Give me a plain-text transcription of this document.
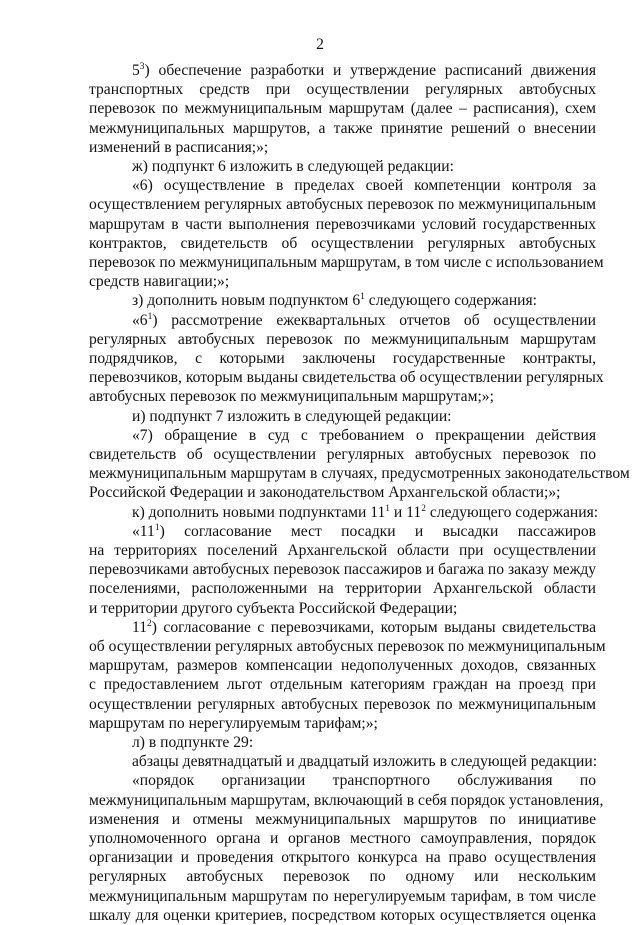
2
$5^3$) обеспечение разработки и утверждение расписаний движения
транспортных средств при осуществлении регулярных автобусных
перевозок по межмуниципальным маршрутам (далее – расписания), схем
межмуниципальных маршрутов, а также принятие решений о внесении
изменений в расписания;»;
ж) подпункт 6 изложить в следующей редакции:
«6) осуществление в пределах своей компетенции контроля за
осуществлением регулярных автобусных перевозок по межмуниципальным
маршрутам в части выполнения перевозчиками условий государственных
контрактов, свидетельств об осуществлении регулярных автобусных
перевозок по межмуниципальным маршрутам, в том числе с использованием
средств навигации;»;
з) дополнить новым подпунктом $6^1$ следующего содержания:
«$6^1$) рассмотрение ежеквартальных отчетов об осуществлении
регулярных автобусных перевозок по межмуниципальным маршрутам
подрядчиков, с которыми заключены государственные контракты,
перевозчиков, которым выданы свидетельства об осуществлении регулярных
автобусных перевозок по межмуниципальным маршрутам;»;
и) подпункт 7 изложить в следующей редакции:
«7) обращение в суд с требованием о прекращении действия
свидетельств об осуществлении регулярных автобусных перевозок по
межмуниципальным маршрутам в случаях, предусмотренных законодательством
Российской Федерации и законодательством Архангельской области;»;
к) дополнить новыми подпунктами $11^1$ и $11^2$ следующего содержания:
«$11^1$) согласование мест посадки и высадки пассажиров
на территориях поселений Архангельской области при осуществлении
перевозчиками автобусных перевозок пассажиров и багажа по заказу между
поселениями, расположенными на территории Архангельской области
и территории другого субъекта Российской Федерации;
$11^2$) согласование с перевозчиками, которым выданы свидетельства
об осуществлении регулярных автобусных перевозок по межмуниципальным
маршрутам, размеров компенсации недополученных доходов, связанных
с предоставлением льгот отдельным категориям граждан на проезд при
осуществлении регулярных автобусных перевозок по межмуниципальным
маршрутам по нерегулируемым тарифам;»;
л) в подпункте 29:
абзацы девятнадцатый и двадцатый изложить в следующей редакции:
«порядок организации транспортного обслуживания по
межмуниципальным маршрутам, включающий в себя порядок установления,
изменения и отмены межмуниципальных маршрутов по инициативе
уполномоченного органа и органов местного самоуправления, порядок
организации и проведения открытого конкурса на право осуществления
регулярных автобусных перевозок по одному или нескольким
межмуниципальным маршрутам по нерегулируемым тарифам, в том числе
шкалу для оценки критериев, посредством которых осуществляется оценка
